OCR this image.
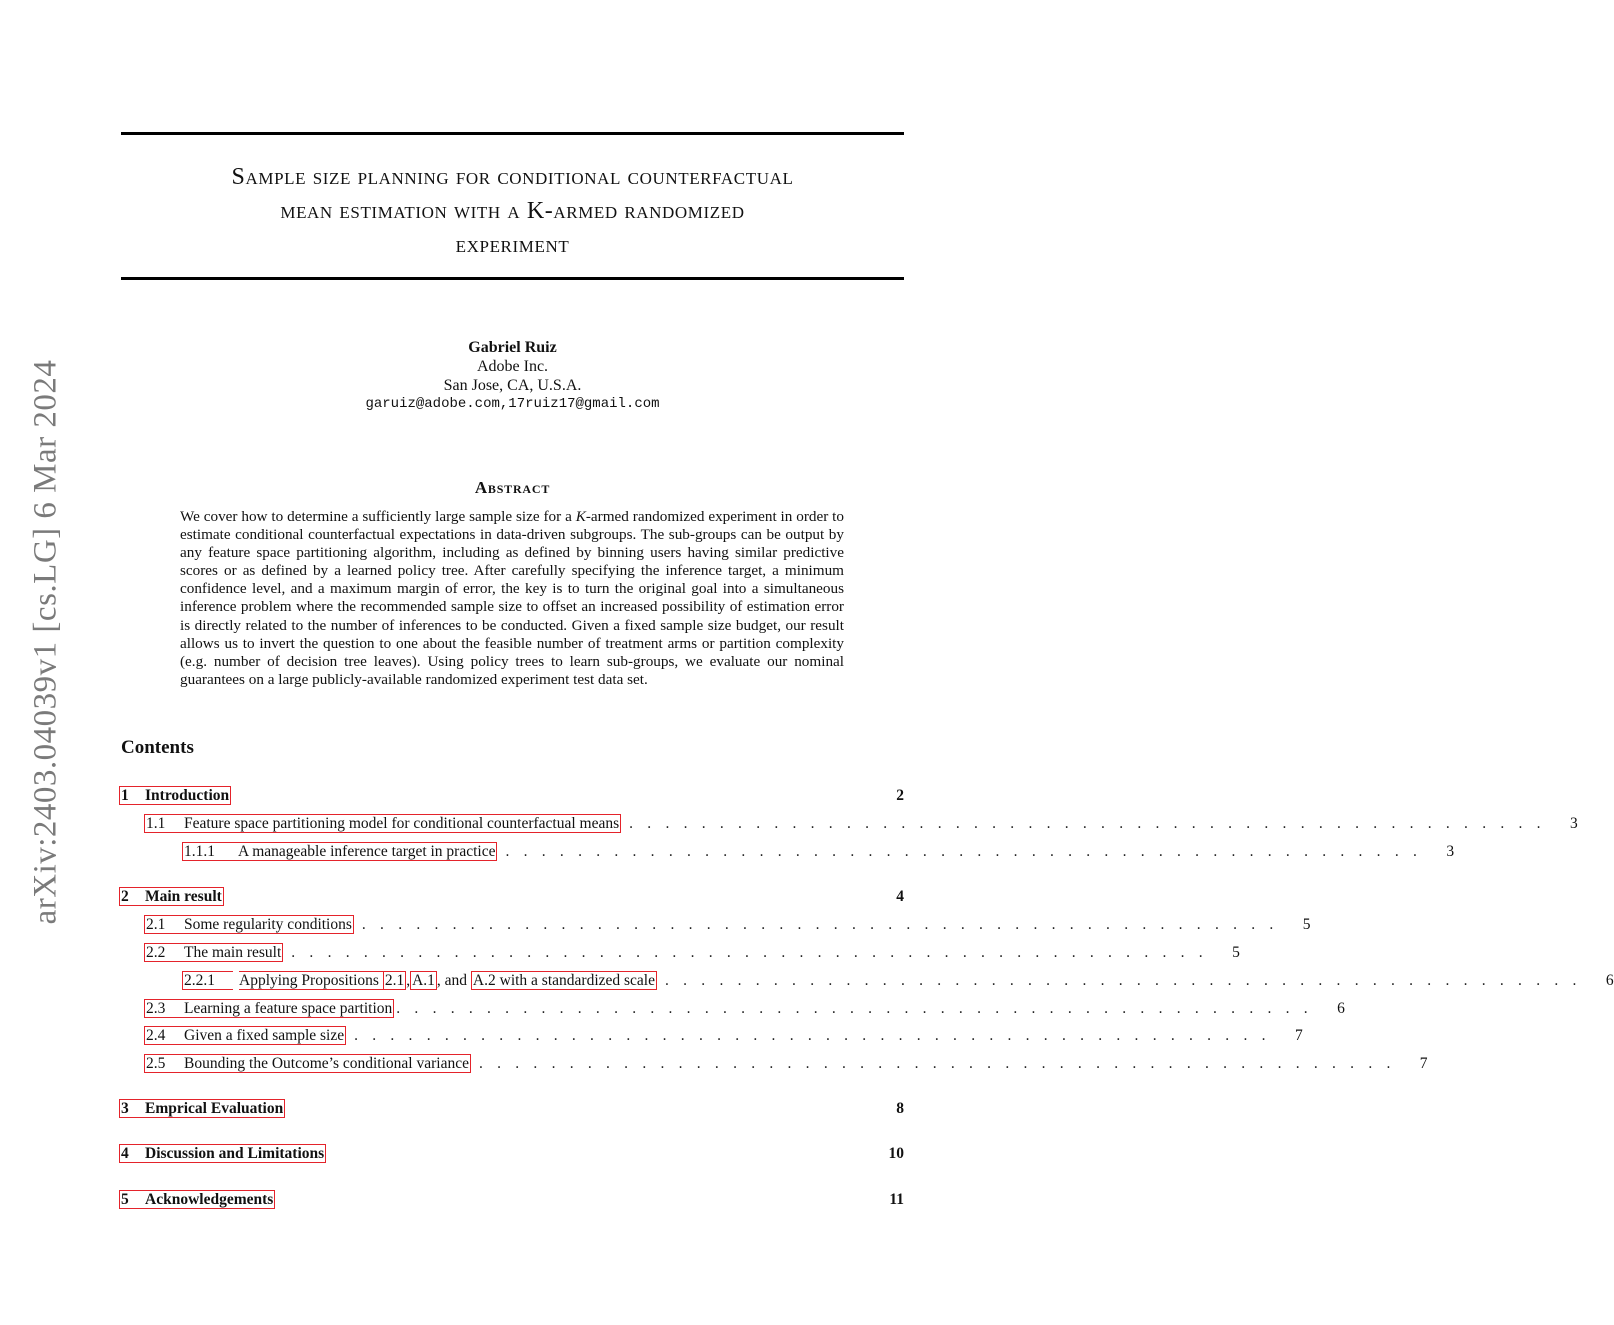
arXiv:2403.04039v1 [cs.LG] 6 Mar 2024
Sample size planning for conditional counterfactual
mean estimation with a K-armed randomized
experiment
Gabriel Ruiz
Adobe Inc.
San Jose, CA, U.S.A.
garuiz@adobe.com,17ruiz17@gmail.com
Abstract
We cover how to determine a sufficiently large sample size for a K-armed randomized experiment in order to estimate conditional counterfactual expectations in data-driven subgroups. The sub-groups can be output by any feature space partitioning algorithm, including as defined by binning users having similar predictive scores or as defined by a learned policy tree. After carefully specifying the inference target, a minimum confidence level, and a maximum margin of error, the key is to turn the original goal into a simultaneous inference problem where the recommended sample size to offset an increased possibility of estimation error is directly related to the number of inferences to be conducted. Given a fixed sample size budget, our result allows us to invert the question to one about the feasible number of treatment arms or partition complexity (e.g. number of decision tree leaves). Using policy trees to learn sub-groups, we evaluate our nominal guarantees on a large publicly-available randomized experiment test data set.
Contents
1 Introduction	2
1.1 Feature space partitioning model for conditional counterfactual means . . . . . . . . . . . . . . . . . . . . . . . . . . . . . . . . . . . . . . . . . . . . . . . . . . .	3
1.1.1 A manageable inference target in practice . . . . . . . . . . . . . . . . . . . . . . . . . . . . . . . . . . . . . . . . . . . . . . . . . . .	3
2 Main result	4
2.1 Some regularity conditions . . . . . . . . . . . . . . . . . . . . . . . . . . . . . . . . . . . . . . . . . . . . . . . . . . .	5
2.2 The main result . . . . . . . . . . . . . . . . . . . . . . . . . . . . . . . . . . . . . . . . . . . . . . . . . . .	5
2.2.1 Applying Propositions 2.1 , A.1 , and A.2 with a standardized scale . . . . . . . . . . . . . . . . . . . . . . . . . . . . . . . . . . . . . . . . . . . . . . . . . . .	6
2.3 Learning a feature space partition . . . . . . . . . . . . . . . . . . . . . . . . . . . . . . . . . . . . . . . . . . . . . . . . . . .	6
2.4 Given a fixed sample size . . . . . . . . . . . . . . . . . . . . . . . . . . . . . . . . . . . . . . . . . . . . . . . . . . .	7
2.5 Bounding the Outcome’s conditional variance . . . . . . . . . . . . . . . . . . . . . . . . . . . . . . . . . . . . . . . . . . . . . . . . . . .	7
3 Emprical Evaluation	8
4 Discussion and Limitations	10
5 Acknowledgements	11
